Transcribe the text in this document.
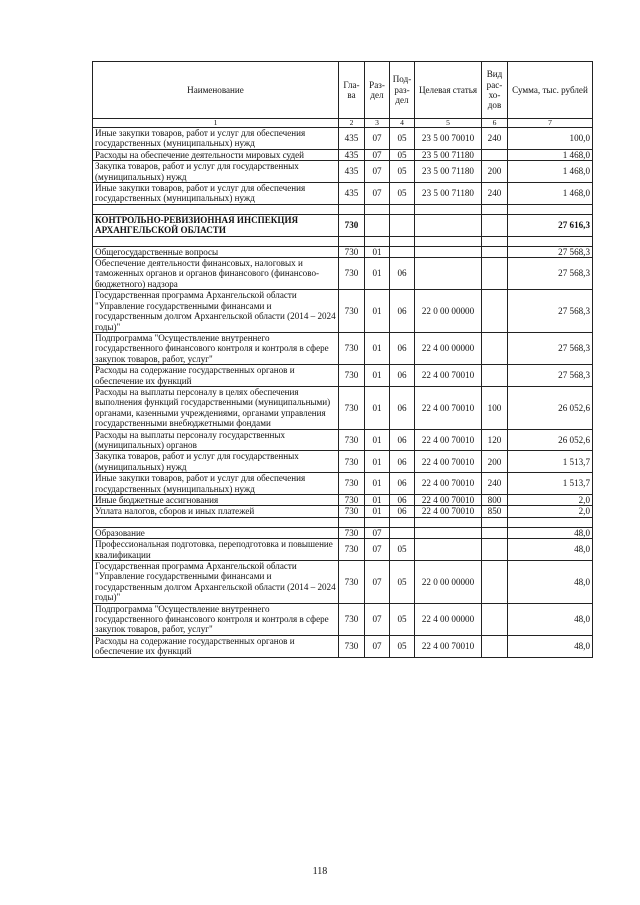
Наименование	Гла-ва	Раз-дел	Под-раз-дел	Целевая статья	Вид рас-хо-дов	Сумма, тыс. рублей
1	2	3	4	5	6	7
Иные закупки товаров, работ и услуг для обеспечения государственных (муниципальных) нужд	435	07	05	23 5 00 70010	240	100,0
Расходы на обеспечение деятельности мировых судей	435	07	05	23 5 00 71180		1 468,0
Закупка товаров, работ и услуг для государственных (муниципальных) нужд	435	07	05	23 5 00 71180	200	1 468,0
Иные закупки товаров, работ и услуг для обеспечения государственных (муниципальных) нужд	435	07	05	23 5 00 71180	240	1 468,0

КОНТРОЛЬНО-РЕВИЗИОННАЯ ИНСПЕКЦИЯ АРХАНГЕЛЬСКОЙ ОБЛАСТИ	730					27 616,3

Общегосударственные вопросы	730	01				27 568,3
Обеспечение деятельности финансовых, налоговых и таможенных органов и органов финансового (финансово-бюджетного) надзора	730	01	06			27 568,3
Государственная программа Архангельской области "Управление государственными финансами и государственным долгом Архангельской области (2014 – 2024 годы)"	730	01	06	22 0 00 00000		27 568,3
Подпрограмма "Осуществление внутреннего государственного финансового контроля и контроля в сфере закупок товаров, работ, услуг"	730	01	06	22 4 00 00000		27 568,3
Расходы на содержание государственных органов и обеспечение их функций	730	01	06	22 4 00 70010		27 568,3
Расходы на выплаты персоналу в целях обеспечения выполнения функций государственными (муниципальными) органами, казенными учреждениями, органами управления государственными внебюджетными фондами	730	01	06	22 4 00 70010	100	26 052,6
Расходы на выплаты персоналу государственных (муниципальных) органов	730	01	06	22 4 00 70010	120	26 052,6
Закупка товаров, работ и услуг для государственных (муниципальных) нужд	730	01	06	22 4 00 70010	200	1 513,7
Иные закупки товаров, работ и услуг для обеспечения государственных (муниципальных) нужд	730	01	06	22 4 00 70010	240	1 513,7
Иные бюджетные ассигнования	730	01	06	22 4 00 70010	800	2,0
Уплата налогов, сборов и иных платежей	730	01	06	22 4 00 70010	850	2,0

Образование	730	07				48,0
Профессиональная подготовка, переподготовка и повышение квалификации	730	07	05			48,0
Государственная программа Архангельской области "Управление государственными финансами и государственным долгом Архангельской области (2014 – 2024 годы)"	730	07	05	22 0 00 00000		48,0
Подпрограмма "Осуществление внутреннего государственного финансового контроля и контроля в сфере закупок товаров, работ, услуг"	730	07	05	22 4 00 00000		48,0
Расходы на содержание государственных органов и обеспечение их функций	730	07	05	22 4 00 70010		48,0
118
